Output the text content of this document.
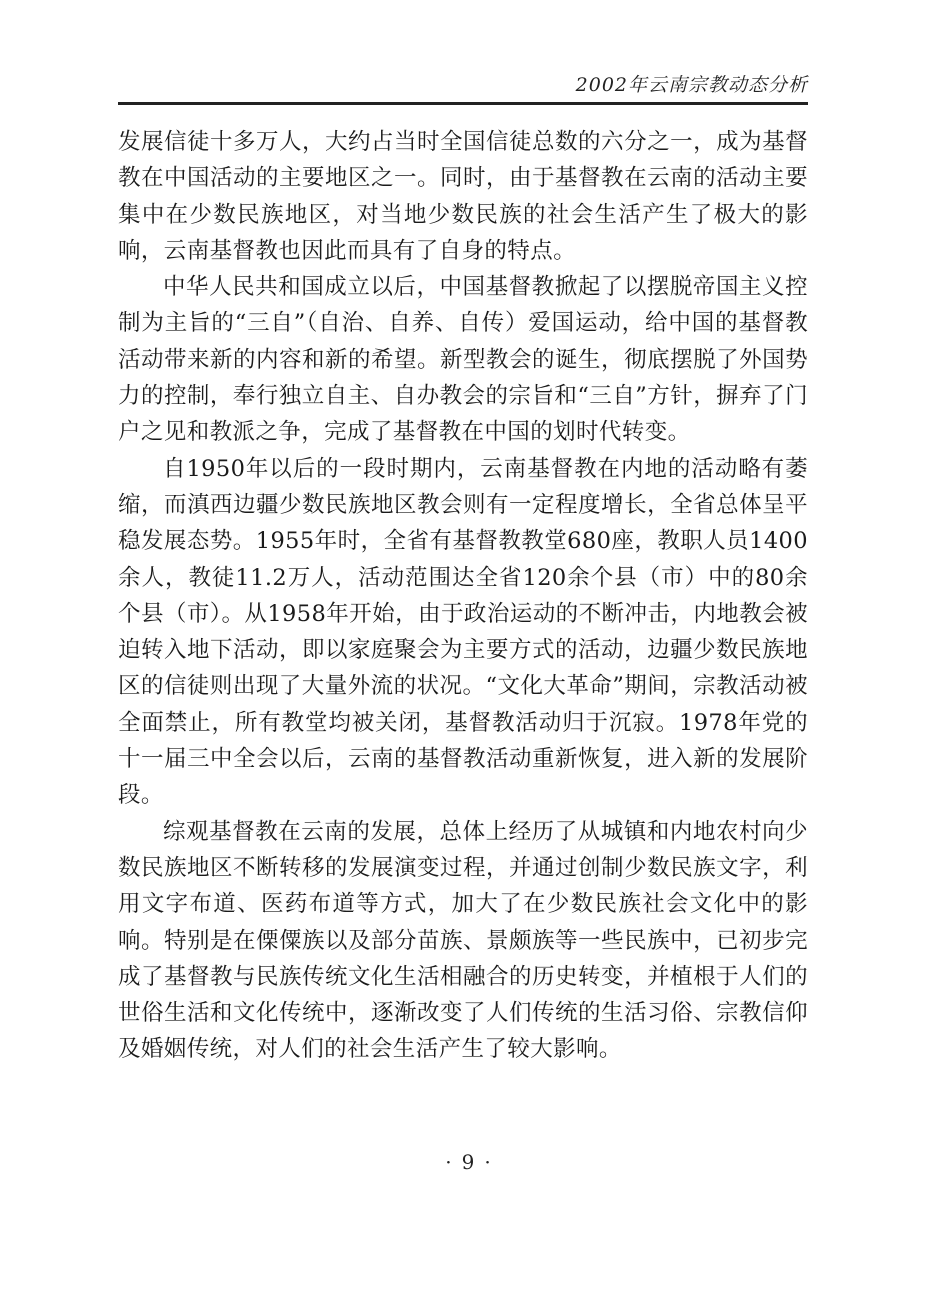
2002年云南宗教动态分析

发展信徒十多万人，大约占当时全国信徒总数的六分之一，成为基督教在中国活动的主要地区之一。同时，由于基督教在云南的活动主要集中在少数民族地区，对当地少数民族的社会生活产生了极大的影响，云南基督教也因此而具有了自身的特点。

中华人民共和国成立以后，中国基督教掀起了以摆脱帝国主义控制为主旨的“三自”（自治、自养、自传）爱国运动，给中国的基督教活动带来新的内容和新的希望。新型教会的诞生，彻底摆脱了外国势力的控制，奉行独立自主、自办教会的宗旨和“三自”方针，摒弃了门户之见和教派之争，完成了基督教在中国的划时代转变。

自1950年以后的一段时期内，云南基督教在内地的活动略有萎缩，而滇西边疆少数民族地区教会则有一定程度增长，全省总体呈平稳发展态势。1955年时，全省有基督教教堂680座，教职人员1400余人，教徒11.2万人，活动范围达全省120余个县（市）中的80余个县（市）。从1958年开始，由于政治运动的不断冲击，内地教会被迫转入地下活动，即以家庭聚会为主要方式的活动，边疆少数民族地区的信徒则出现了大量外流的状况。“文化大革命”期间，宗教活动被全面禁止，所有教堂均被关闭，基督教活动归于沉寂。1978年党的十一届三中全会以后，云南的基督教活动重新恢复，进入新的发展阶段。

综观基督教在云南的发展，总体上经历了从城镇和内地农村向少数民族地区不断转移的发展演变过程，并通过创制少数民族文字，利用文字布道、医药布道等方式，加大了在少数民族社会文化中的影响。特别是在傈僳族以及部分苗族、景颇族等一些民族中，已初步完成了基督教与民族传统文化生活相融合的历史转变，并植根于人们的世俗生活和文化传统中，逐渐改变了人们传统的生活习俗、宗教信仰及婚姻传统，对人们的社会生活产生了较大影响。

· 9 ·
